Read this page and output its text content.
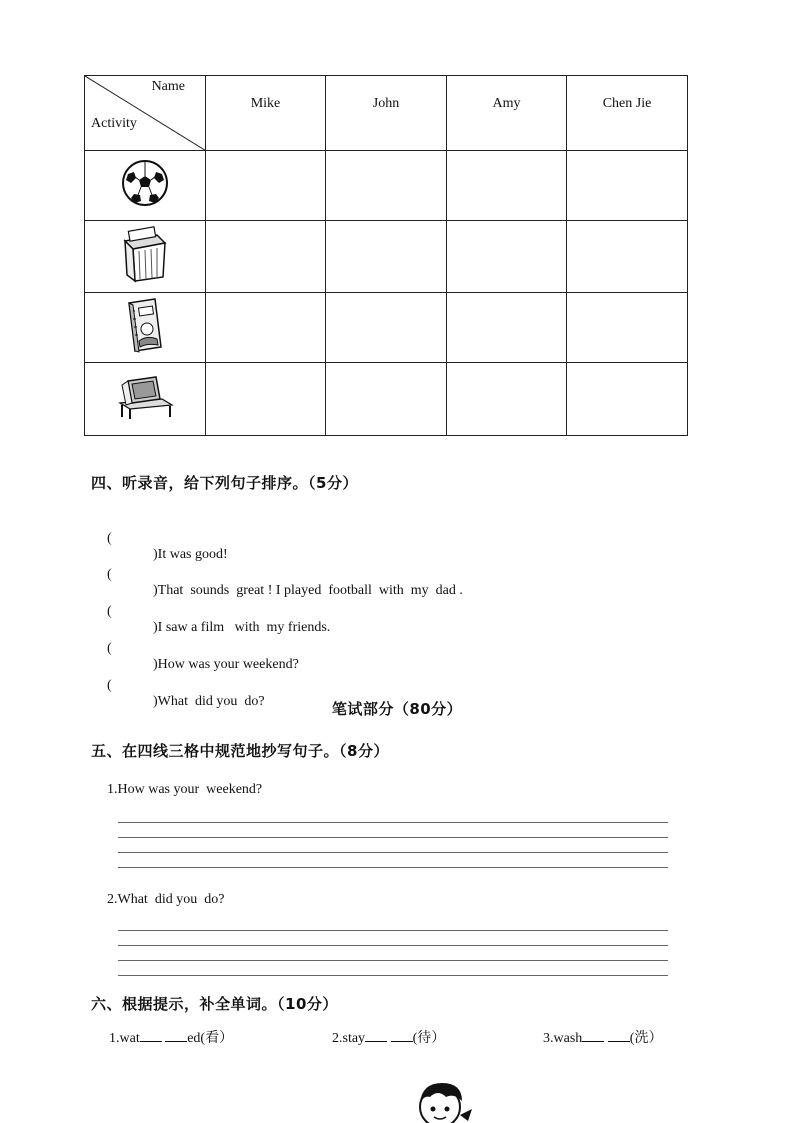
Name
Activity	Mike	John	Amy	Chen Jie

四、听录音，给下列句子排序。（5分）

(

)It was good!

(

)That  sounds  great ! I played  football  with  my  dad .

(

)I saw a film   with  my friends.

(

)How was your weekend?

(

)What  did you  do?

	笔试部分（80分）
五、在四线三格中规范地抄写句子。（8分）
1.How was your  weekend?
2.What  did you  do?
六、根据提示，补全单词。（10分）
1.wat	ed(看）	2.stay	(待）	3.wash	(洗）
